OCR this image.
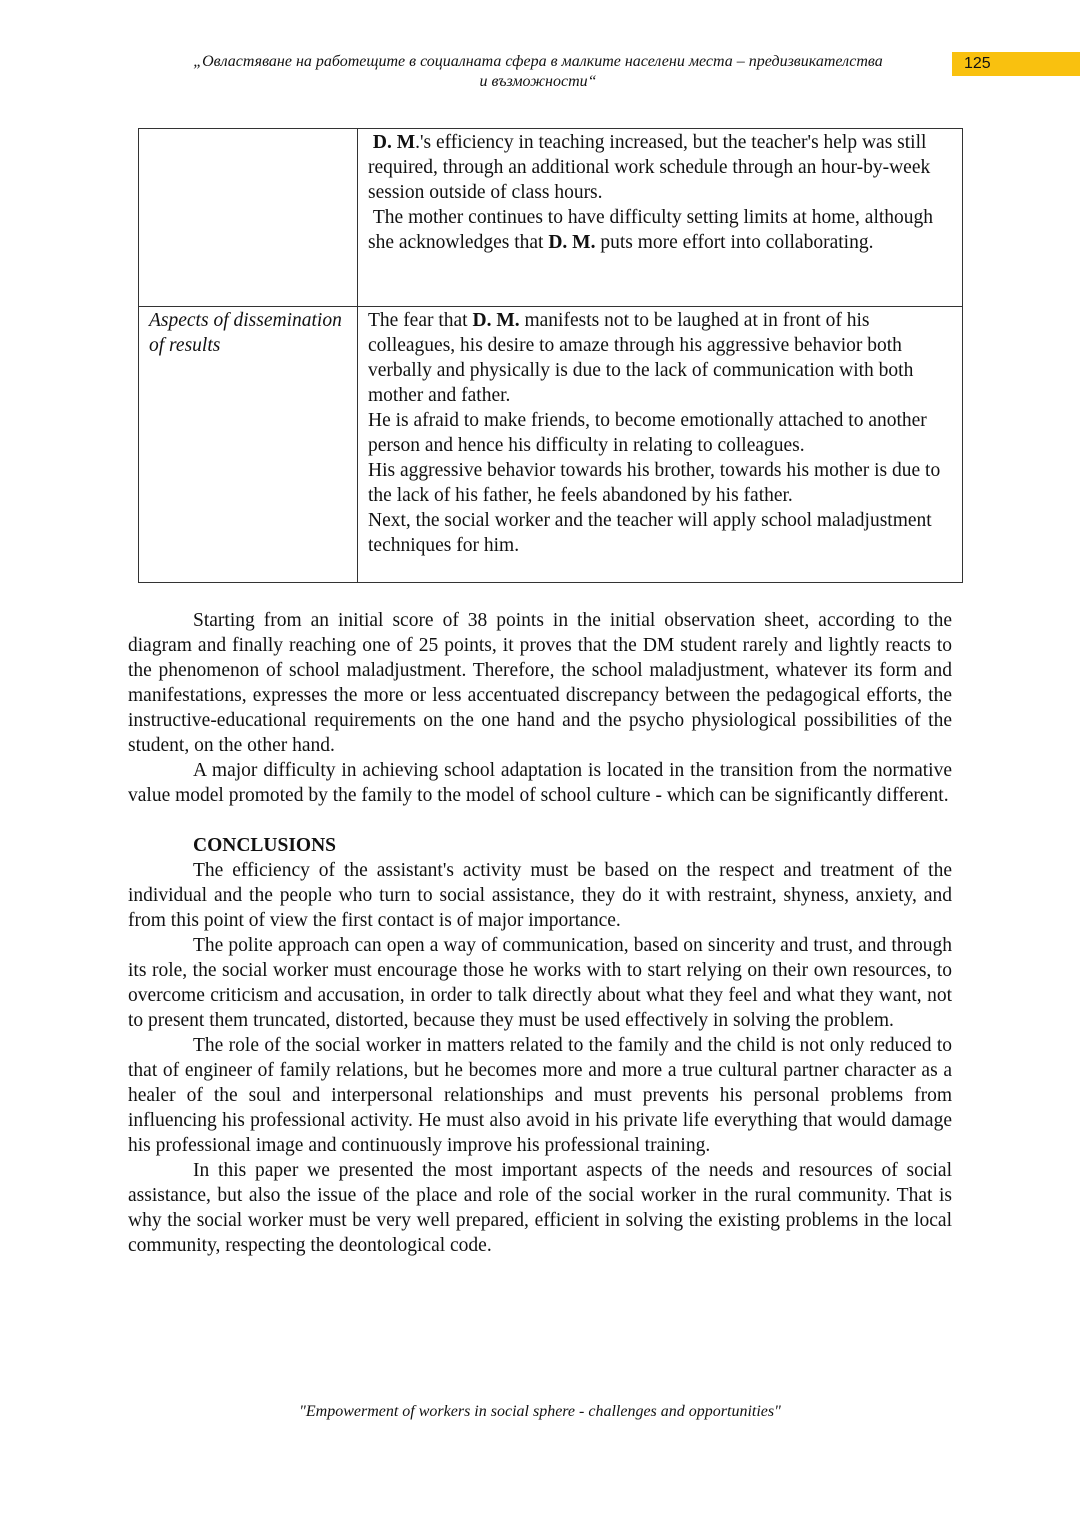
„Овластяване на работещите в социалната сфера в малките населени места – предизвикателства
и възможности“
125

	D. M.'s efficiency in teaching increased, but the teacher's help was still required, through an additional work schedule through an hour-by-week session outside of class hours.

The mother continues to have difficulty setting limits at home, although she acknowledges that D. M. puts more effort into collaborating.

Aspects of dissemination of results	The fear that D. M. manifests not to be laughed at in front of his colleagues, his desire to amaze through his aggressive behavior both verbally and physically is due to the lack of communication with both mother and father.

He is afraid to make friends, to become emotionally attached to another person and hence his difficulty in relating to colleagues.

His aggressive behavior towards his brother, towards his mother is due to the lack of his father, he feels abandoned by his father.

Next, the social worker and the teacher will apply school maladjustment techniques for him.

Starting from an initial score of 38 points in the initial observation sheet, according to the diagram and finally reaching one of 25 points, it proves that the DM student rarely and lightly reacts to the phenomenon of school maladjustment. Therefore, the school maladjustment, whatever its form and manifestations, expresses the more or less accentuated discrepancy between the pedagogical efforts, the instructive-educational requirements on the one hand and the psycho physiological possibilities of the student, on the other hand.

A major difficulty in achieving school adaptation is located in the transition from the normative value model promoted by the family to the model of school culture - which can be significantly different.

CONCLUSIONS

The efficiency of the assistant's activity must be based on the respect and treatment of the individual and the people who turn to social assistance, they do it with restraint, shyness, anxiety, and from this point of view the first contact is of major importance.

The polite approach can open a way of communication, based on sincerity and trust, and through its role, the social worker must encourage those he works with to start relying on their own resources, to overcome criticism and accusation, in order to talk directly about what they feel and what they want, not to present them truncated, distorted, because they must be used effectively in solving the problem.

The role of the social worker in matters related to the family and the child is not only reduced to that of engineer of family relations, but he becomes more and more a true cultural partner character as a healer of the soul and interpersonal relationships and must prevents his personal problems from influencing his professional activity. He must also avoid in his private life everything that would damage his professional image and continuously improve his professional training.

In this paper we presented the most important aspects of the needs and resources of social assistance, but also the issue of the place and role of the social worker in the rural community. That is why the social worker must be very well prepared, efficient in solving the existing problems in the local community, respecting the deontological code.

"Empowerment of workers in social sphere - challenges and opportunities"
